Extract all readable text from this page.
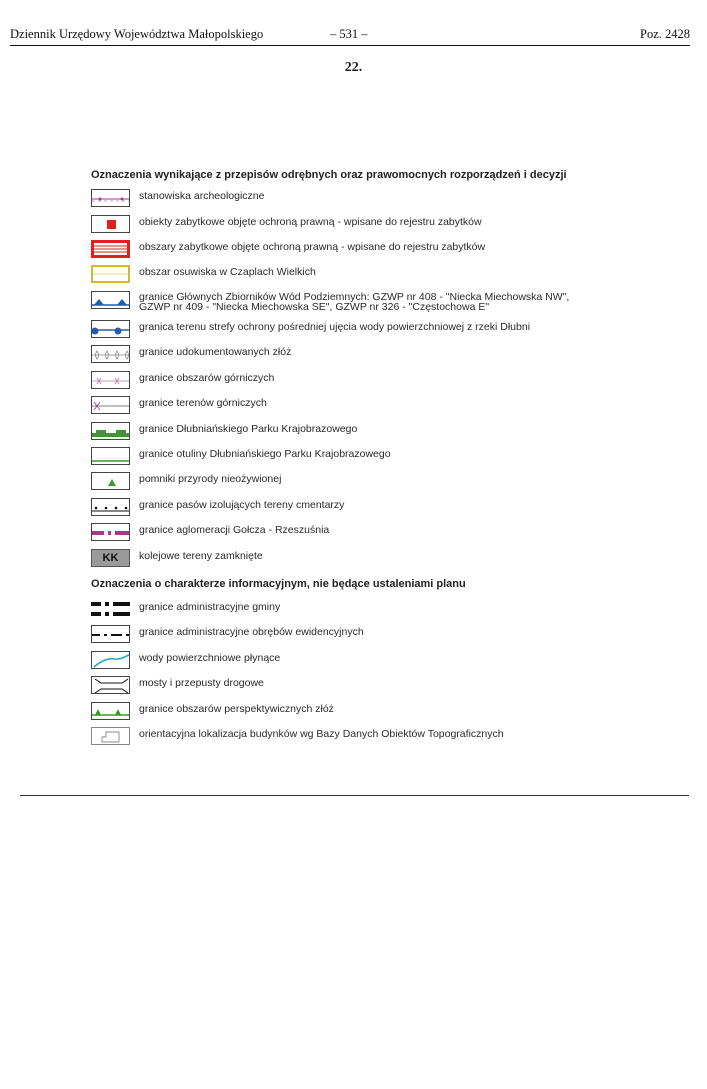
Dziennik Urzędowy Województwa Małopolskiego	– 531 –	Poz. 2428
22.
Oznaczenia wynikające z przepisów odrębnych oraz prawomocnych rozporządzeń i decyzji
stanowiska archeologiczne
obiekty zabytkowe objęte ochroną prawną - wpisane do rejestru zabytków
obszary zabytkowe objęte ochroną prawną - wpisane do rejestru zabytków
obszar osuwiska w Czaplach Wielkich
granice Głównych Zbiorników Wód Podziemnych: GZWP nr 408 - "Niecka Miechowska NW",
GZWP nr 409 - "Niecka Miechowska SE", GZWP nr 326 - "Częstochowa E"
granica terenu strefy ochrony pośredniej ujęcia wody powierzchniowej z rzeki Dłubni
granice udokumentowanych złóż
granice obszarów górniczych
granice terenów górniczych
granice Dłubniańskiego Parku Krajobrazowego
granice otuliny Dłubniańskiego Parku Krajobrazowego
pomniki przyrody nieożywionej
granice pasów izolujących tereny cmentarzy
granice aglomeracji Gołcza - Rzeszuśnia
KK	kolejowe tereny zamknięte
Oznaczenia o charakterze informacyjnym, nie będące ustaleniami planu
granice administracyjne gminy
granice administracyjne obrębów ewidencyjnych
wody powierzchniowe płynące
mosty i przepusty drogowe
granice obszarów perspektywicznych złóż
orientacyjna lokalizacja budynków wg Bazy Danych Obiektów Topograficznych
